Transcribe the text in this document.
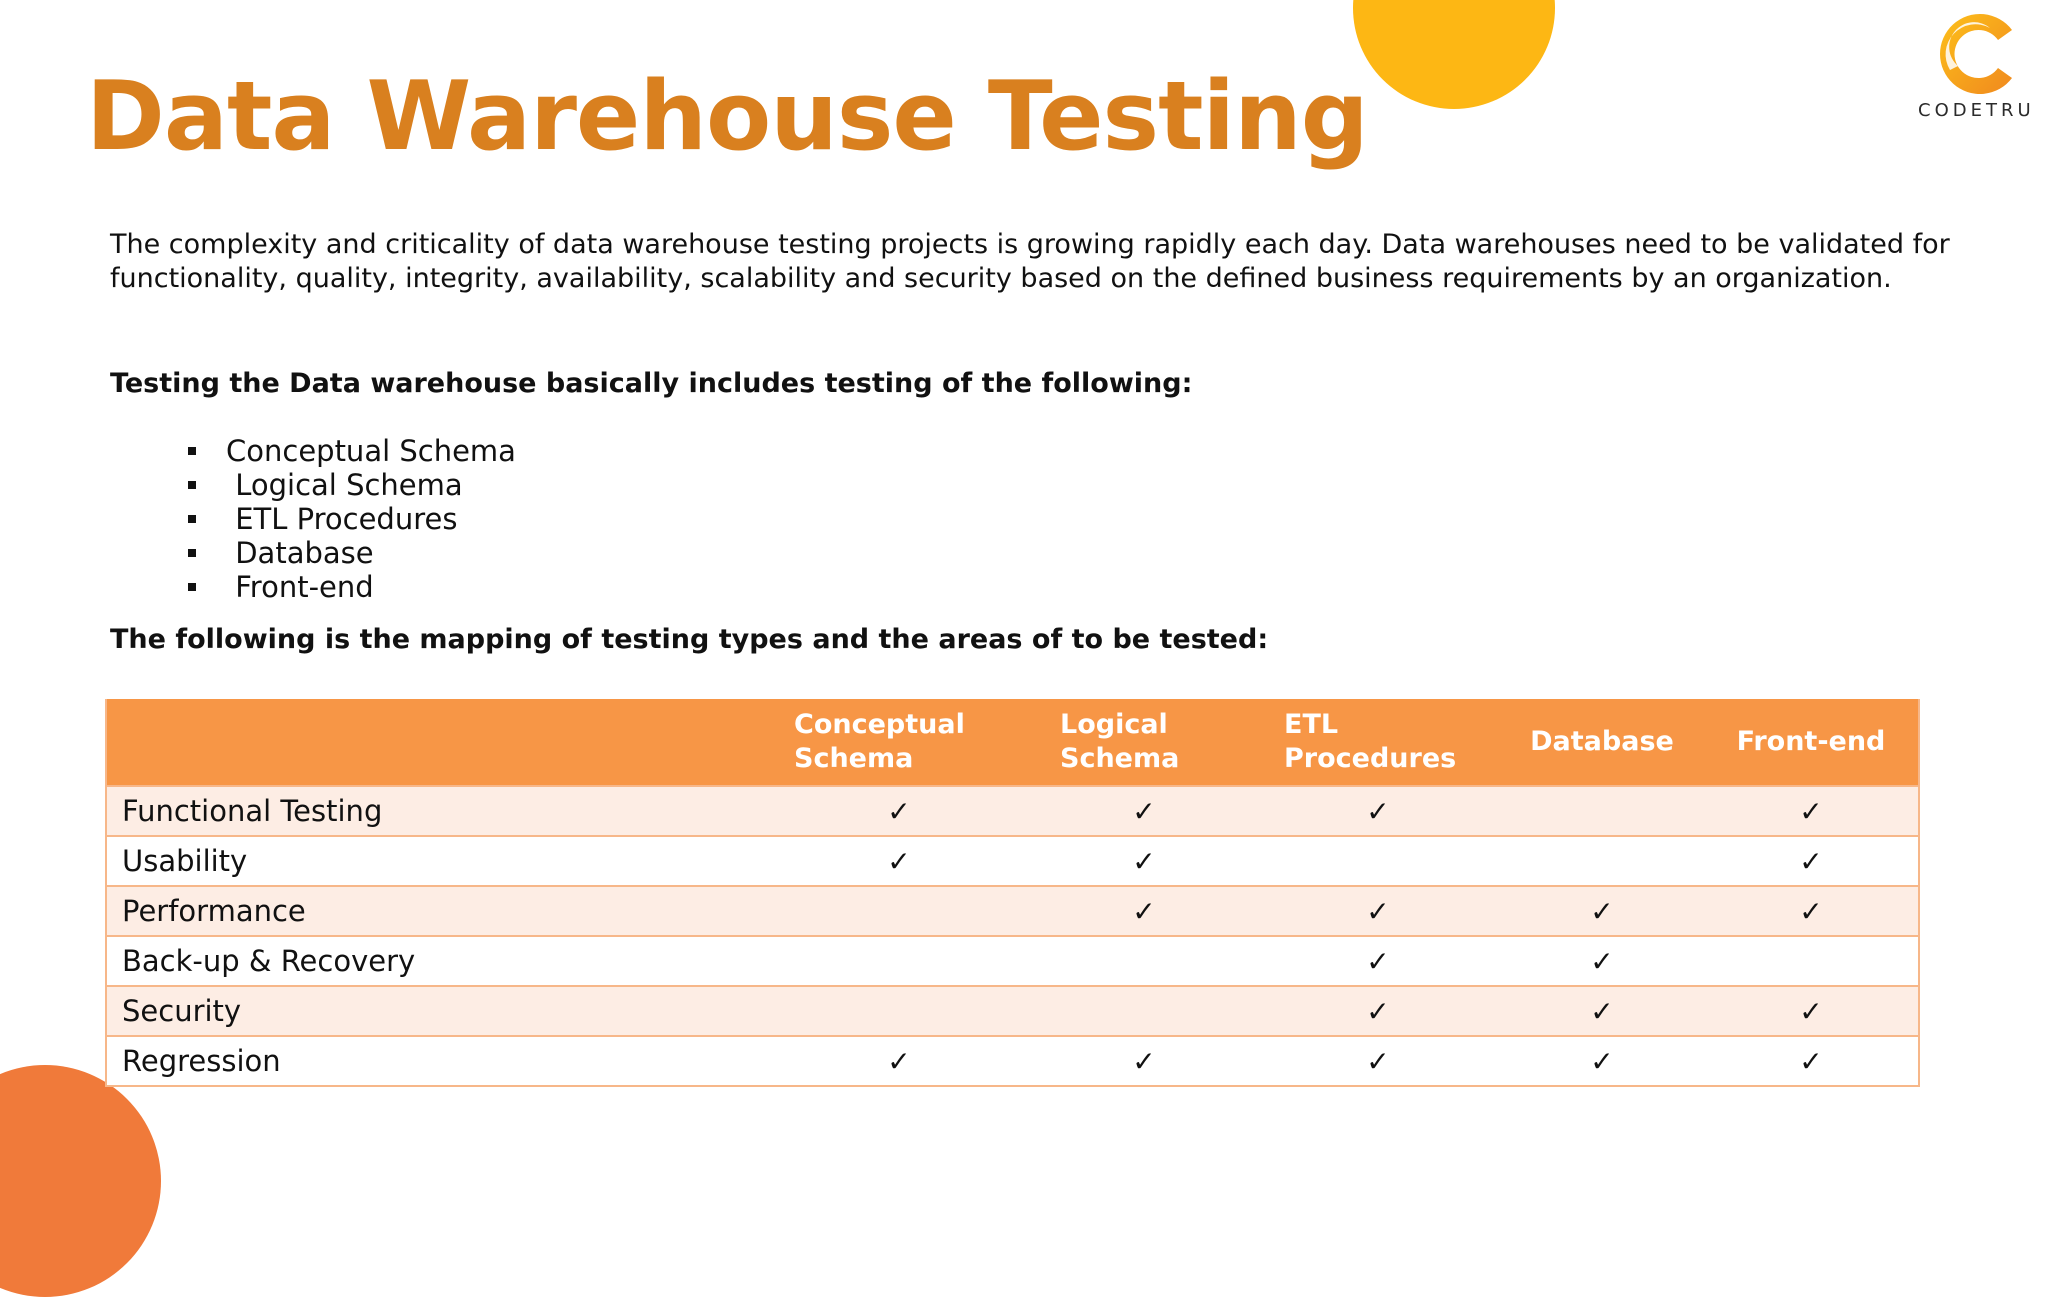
CODETRU
Data Warehouse Testing

The complexity and criticality of data warehouse testing projects is growing rapidly each day. Data warehouses need to be validated for functionality, quality, integrity, availability, scalability and security based on the defined business requirements by an organization.

Testing the Data warehouse basically includes testing of the following:

Conceptual Schema
Logical Schema
ETL Procedures
Database
Front-end

The following is the mapping of testing types and the areas of to be tested:

	Conceptual Schema	Logical Schema	ETL Procedures	Database	Front-end
Functional Testing	✓	✓	✓		✓
Usability	✓	✓			✓
Performance		✓	✓	✓	✓
Back-up & Recovery			✓	✓	
Security			✓	✓	✓
Regression	✓	✓	✓	✓	✓
